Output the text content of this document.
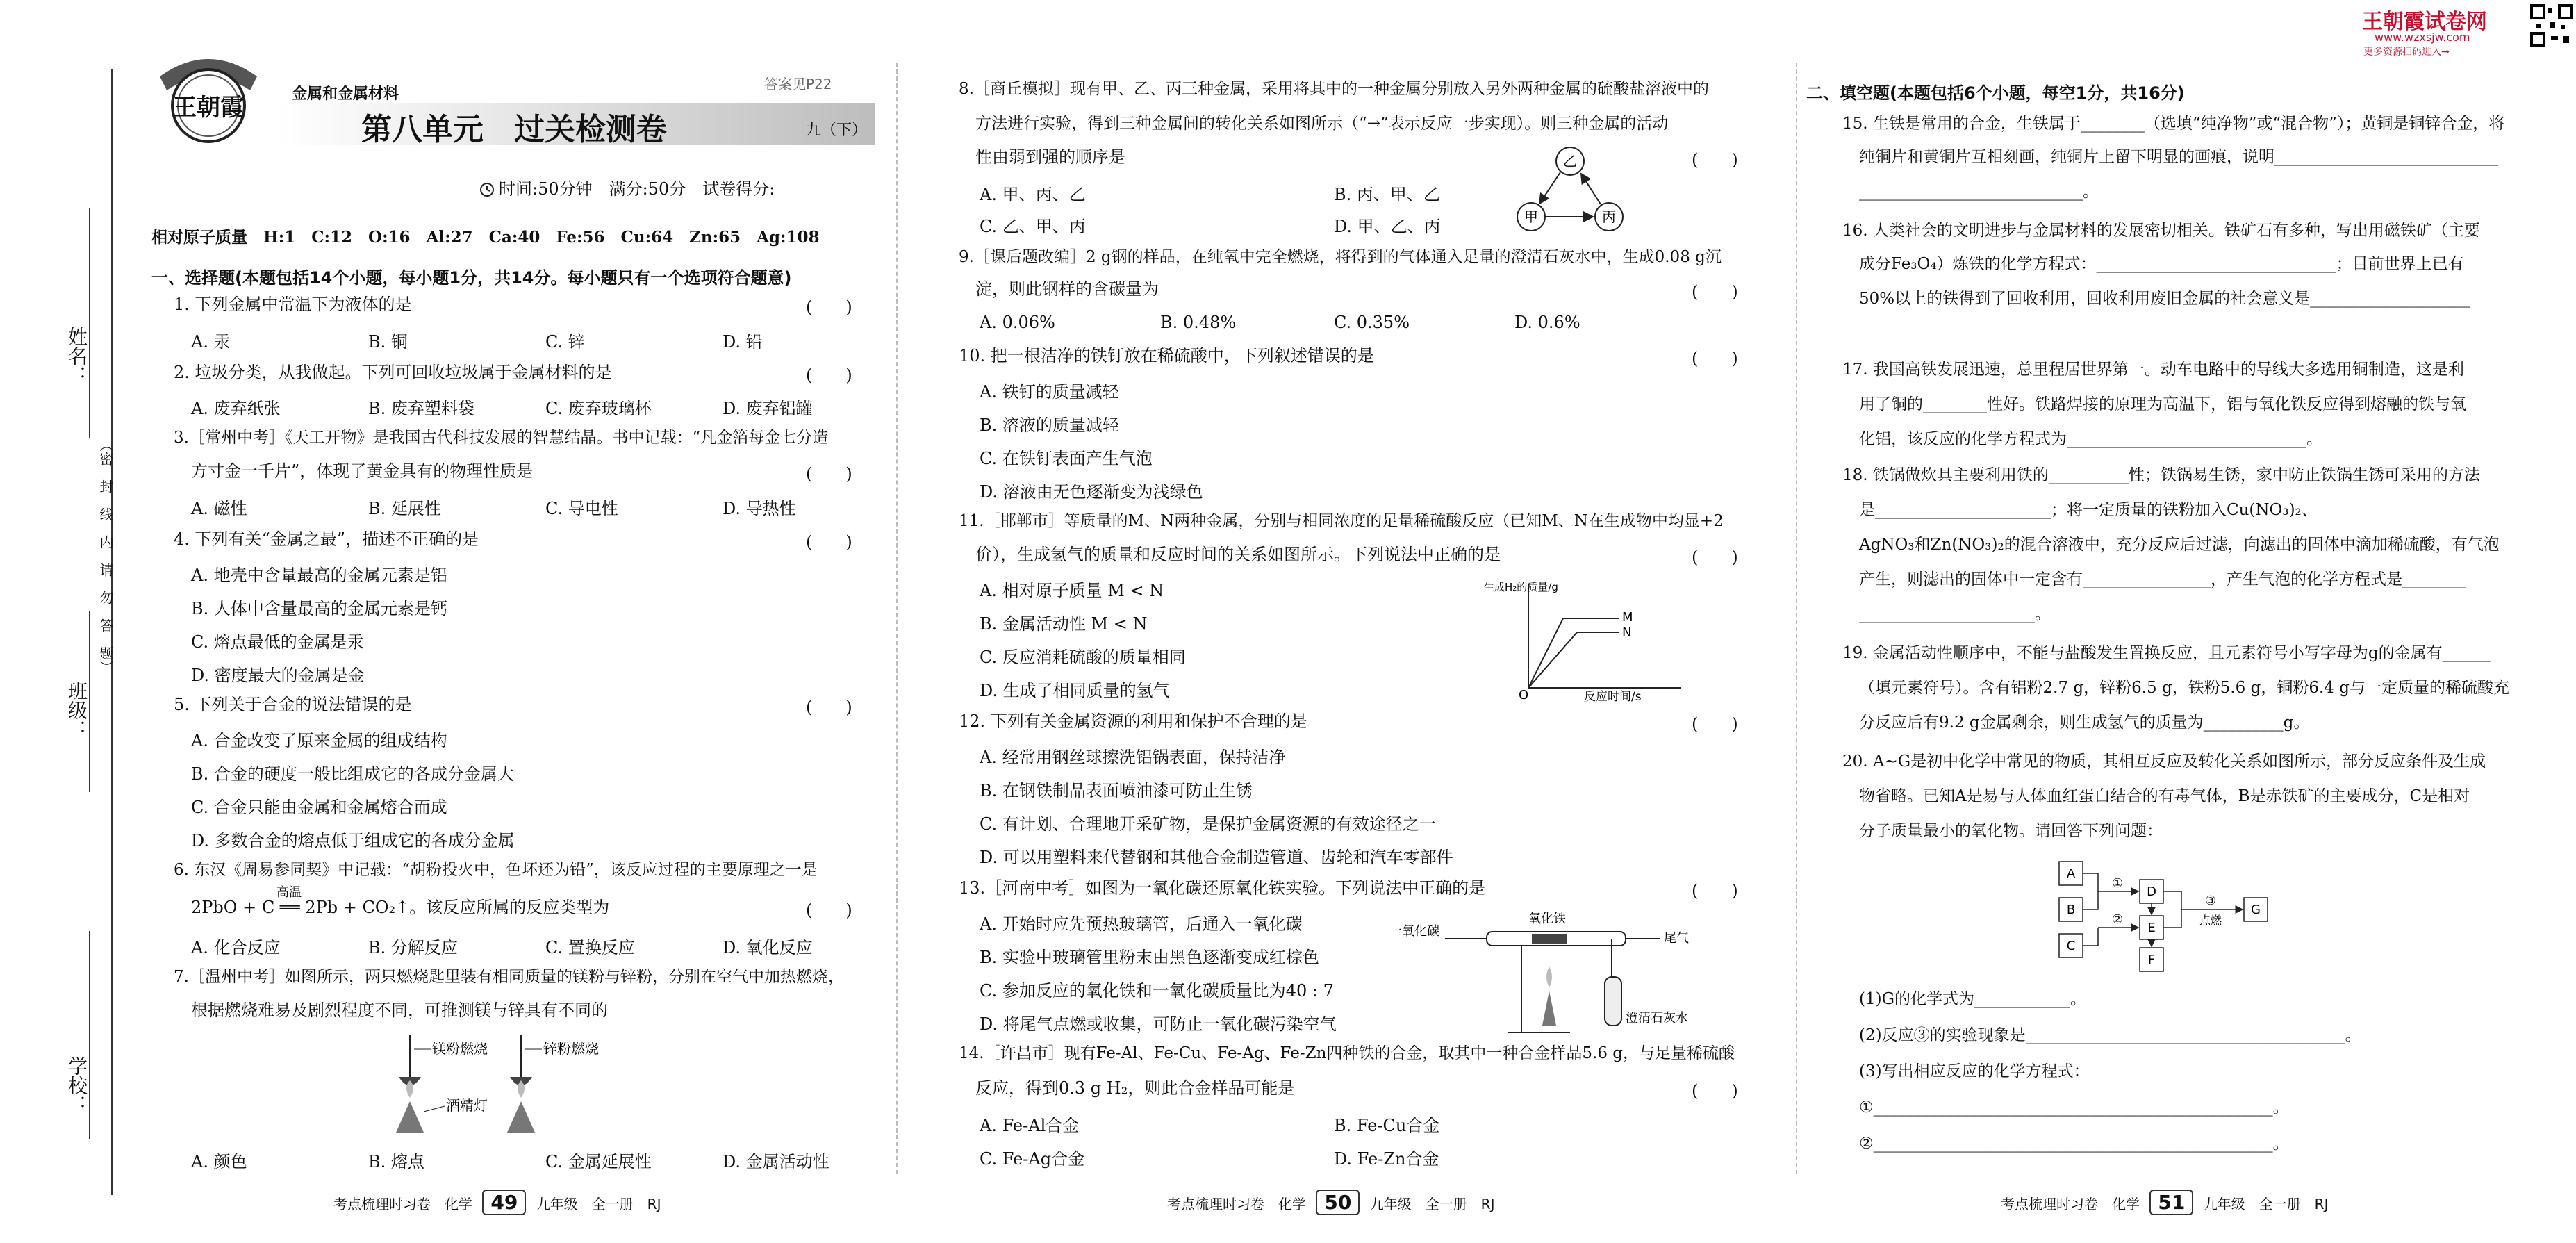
姓名：
班级：
学校：
（密　封　线　内　请　勿　答　题）
王朝霞	金属和金属材料
答案见P22
第八单元　过关检测卷	九（下）
时间:50分钟　满分:50分　试卷得分:
相对原子质量　H:1　C:12　O:16　Al:27　Ca:40　Fe:56　Cu:64　Zn:65　Ag:108
一、选择题(本题包括14个小题，每小题1分，共14分。每小题只有一个选项符合题意)
1. 下列金属中常温下为液体的是	(　　)
A. 汞	B. 铜	C. 锌	D. 铅
2. 垃圾分类，从我做起。下列可回收垃圾属于金属材料的是	(　　)
A. 废弃纸张	B. 废弃塑料袋	C. 废弃玻璃杯	D. 废弃铝罐
3.［常州中考］《天工开物》是我国古代科技发展的智慧结晶。书中记载：“凡金箔每金七分造
方寸金一千片”，体现了黄金具有的物理性质是	(　　)
A. 磁性	B. 延展性	C. 导电性	D. 导热性
4. 下列有关“金属之最”，描述不正确的是	(　　)
A. 地壳中含量最高的金属元素是铝
B. 人体中含量最高的金属元素是钙
C. 熔点最低的金属是汞
D. 密度最大的金属是金
5. 下列关于合金的说法错误的是	(　　)
A. 合金改变了原来金属的组成结构
B. 合金的硬度一般比组成它的各成分金属大
C. 合金只能由金属和金属熔合而成
D. 多数合金的熔点低于组成它的各成分金属
6. 东汉《周易参同契》中记载：“胡粉投火中，色坏还为铅”，该反应过程的主要原理之一是
高温
2PbO + C ══ 2Pb + CO₂↑。该反应所属的反应类型为	(　　)
A. 化合反应	B. 分解反应	C. 置换反应	D. 氧化反应
7.［温州中考］如图所示，两只燃烧匙里装有相同质量的镁粉与锌粉，分别在空气中加热燃烧，
根据燃烧难易及剧烈程度不同，可推测镁与锌具有不同的
镁粉燃烧	锌粉燃烧
酒精灯
A. 颜色	B. 熔点	C. 金属延展性	D. 金属活动性
考点梳理时习卷　化学 49 九年级　全一册　RJ
8.［商丘模拟］现有甲、乙、丙三种金属，采用将其中的一种金属分别放入另外两种金属的硫酸盐溶液中的
方法进行实验，得到三种金属间的转化关系如图所示（“→”表示反应一步实现）。则三种金属的活动
性由弱到强的顺序是	(　　)
乙
甲	丙
A. 甲、丙、乙	B. 丙、甲、乙
C. 乙、甲、丙	D. 甲、乙、丙
9.［课后题改编］2 g钢的样品，在纯氧中完全燃烧，将得到的气体通入足量的澄清石灰水中，生成0.08 g沉
淀，则此钢样的含碳量为	(　　)
A. 0.06%	B. 0.48%	C. 0.35%	D. 0.6%
10. 把一根洁净的铁钉放在稀硫酸中，下列叙述错误的是	(　　)
A. 铁钉的质量减轻
B. 溶液的质量减轻
C. 在铁钉表面产生气泡
D. 溶液由无色逐渐变为浅绿色
11.［邯郸市］等质量的M、N两种金属，分别与相同浓度的足量稀硫酸反应（已知M、N在生成物中均显+2
价），生成氢气的质量和反应时间的关系如图所示。下列说法中正确的是	(　　)
A. 相对原子质量 M < N
B. 金属活动性 M < N
C. 反应消耗硫酸的质量相同
D. 生成了相同质量的氢气
M
N
O	反应时间/s
生成H₂的质量/g
12. 下列有关金属资源的利用和保护不合理的是	(　　)
A. 经常用钢丝球擦洗铝锅表面，保持洁净
B. 在钢铁制品表面喷油漆可防止生锈
C. 有计划、合理地开采矿物，是保护金属资源的有效途径之一
D. 可以用塑料来代替钢和其他合金制造管道、齿轮和汽车零部件
13.［河南中考］如图为一氧化碳还原氧化铁实验。下列说法中正确的是	(　　)
A. 开始时应先预热玻璃管，后通入一氧化碳
B. 实验中玻璃管里粉末由黑色逐渐变成红棕色
C. 参加反应的氧化铁和一氧化碳质量比为40 : 7
D. 将尾气点燃或收集，可防止一氧化碳污染空气
一氧化碳
氧化铁
尾气
澄清石灰水
14.［许昌市］现有Fe-Al、Fe-Cu、Fe-Ag、Fe-Zn四种铁的合金，取其中一种合金样品5.6 g，与足量稀硫酸
反应，得到0.3 g H₂，则此合金样品可能是	(　　)
A. Fe-Al合金	B. Fe-Cu合金
C. Fe-Ag合金	D. Fe-Zn合金
考点梳理时习卷　化学 50 九年级　全一册　RJ
王朝霞试卷网
www.wzxsjw.com
更多资源扫码进入→
二、填空题(本题包括6个小题，每空1分，共16分)
15. 生铁是常用的合金，生铁属于________（选填“纯净物”或“混合物”）；黄铜是铜锌合金，将
纯铜片和黄铜片互相刻画，纯铜片上留下明显的画痕，说明____________________________
____________________________。
16. 人类社会的文明进步与金属材料的发展密切相关。铁矿石有多种，写出用磁铁矿（主要
成分Fe₃O₄）炼铁的化学方程式：______________________________；目前世界上已有
50%以上的铁得到了回收利用，回收利用废旧金属的社会意义是____________________
17. 我国高铁发展迅速，总里程居世界第一。动车电路中的导线大多选用铜制造，这是利
用了铜的________性好。铁路焊接的原理为高温下，铝与氧化铁反应得到熔融的铁与氧
化铝，该反应的化学方程式为______________________________。
18. 铁锅做炊具主要利用铁的__________性；铁锅易生锈，家中防止铁锅生锈可采用的方法
是______________________；将一定质量的铁粉加入Cu(NO₃)₂、
AgNO₃和Zn(NO₃)₂的混合溶液中，充分反应后过滤，向滤出的固体中滴加稀硫酸，有气泡
产生，则滤出的固体中一定含有________________，产生气泡的化学方程式是________
______________________。
19. 金属活动性顺序中，不能与盐酸发生置换反应，且元素符号小写字母为g的金属有______
（填元素符号）。含有铝粉2.7 g，锌粉6.5 g，铁粉5.6 g，铜粉6.4 g与一定质量的稀硫酸充
分反应后有9.2 g金属剩余，则生成氢气的质量为__________g。
20. A~G是初中化学中常见的物质，其相互反应及转化关系如图所示，部分反应条件及生成
物省略。已知A是易与人体血红蛋白结合的有毒气体，B是赤铁矿的主要成分，C是相对
分子质量最小的氧化物。请回答下列问题：
A
B
C
D
E
F
G
①
②
③
点燃
(1)G的化学式为____________。
(2)反应③的实验现象是________________________________________。
(3)写出相应反应的化学方程式：
①__________________________________________________。
②__________________________________________________。
考点梳理时习卷　化学 51 九年级　全一册　RJ
